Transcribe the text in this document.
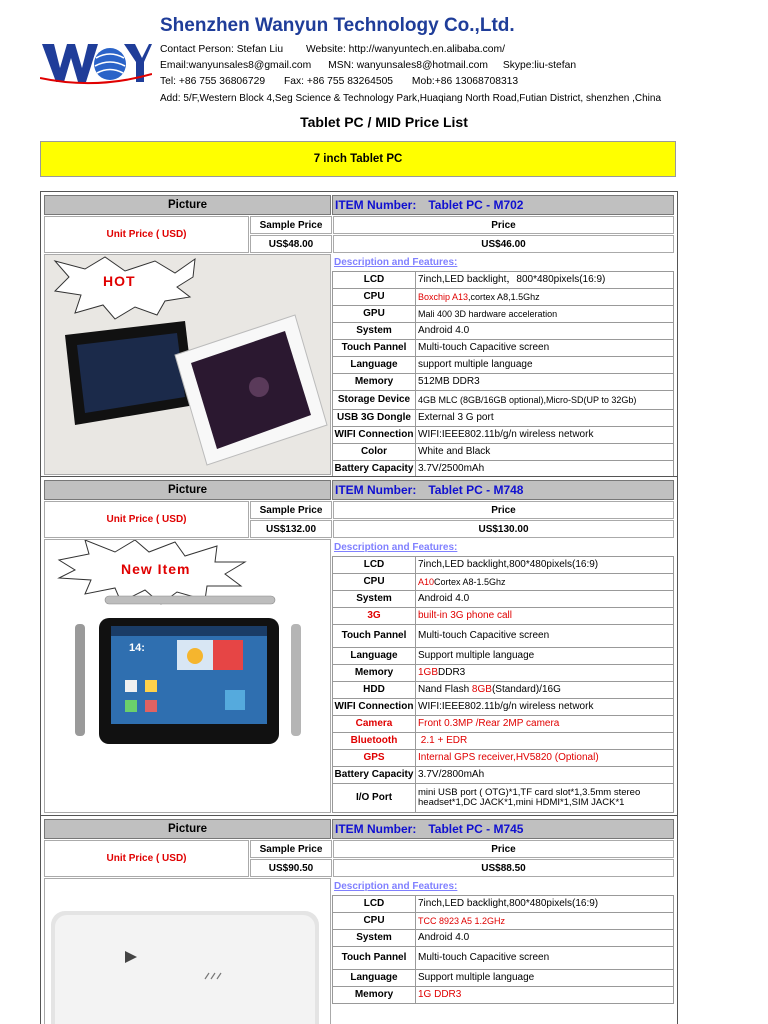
Shenzhen Wanyun Technology Co.,Ltd.
Contact Person: Stefan Liu Website: http://wanyuntech.en.alibaba.com/
Email:wanyunsales8@gmail.com MSN: wanyunsales8@hotmail.com Skype:liu-stefan
Tel: +86 755 36806729 Fax: +86 755 83264505 Mob:+86 13068708313
Add: 5/F,Western Block 4,Seg Science & Technology Park,Huaqiang North Road,Futian District, shenzhen ,China
Tablet PC / MID Price List
7 inch Tablet PC
Picture	ITEM Number: Tablet PC - M702
Unit Price ( USD)
Sample Price	Price
US$48.00	US$46.00
HOT
Description and Features:
LCD	7inch,LED backlight，800*480pixels(16:9)
CPU	Boxchip A13 ,cortex A8,1.5Ghz
GPU	Mali 400 3D hardware acceleration
System	Android 4.0
Touch Pannel	Multi-touch Capacitive screen
Language	support multiple language
Memory	512MB DDR3
Storage Device 4GB MLC (8GB/16GB optional),Micro-SD(UP to 32Gb)
USB 3G Dongle External 3 G port
WIFI Connection WIFI:IEEE802.11b/g/n wireless network
Color	White and Black
Battery Capacity 3.7V/2500mAh
Picture	ITEM Number: Tablet PC - M748
Unit Price ( USD)
Sample Price	Price
US$132.00	US$130.00
New Item
14:
Description and Features:
LCD	7inch,LED backlight,800*480pixels(16:9)
CPU	A10 Cortex A8-1.5Ghz
System	Android 4.0
3G	built-in 3G phone call
Touch Pannel	Multi-touch Capacitive screen
Language	Support multiple language
Memory	1GB DDR3
HDD	Nand Flash 8GB (Standard)/16G
WIFI Connection WIFI:IEEE802.11b/g/n wireless network
Camera	Front 0.3MP /Rear 2MP camera
Bluetooth	2.1 + EDR
GPS	Internal GPS receiver,HV5820 (Optional)
Battery Capacity 3.7V/2800mAh
I/O Port	mini USB port ( OTG)*1,TF card slot*1,3.5mm stereo headset*1,DC JACK*1,mini HDMI*1,SIM JACK*1
Picture	ITEM Number: Tablet PC - M745
Unit Price ( USD)
Sample Price	Price
US$90.50	US$88.50
Description and Features:
LCD	7inch,LED backlight,800*480pixels(16:9)
CPU	TCC 8923 A5 1.2GHz
System	Android 4.0
Touch Pannel	Multi-touch Capacitive screen
Language	Support multiple language
Memory	1G DDR3
